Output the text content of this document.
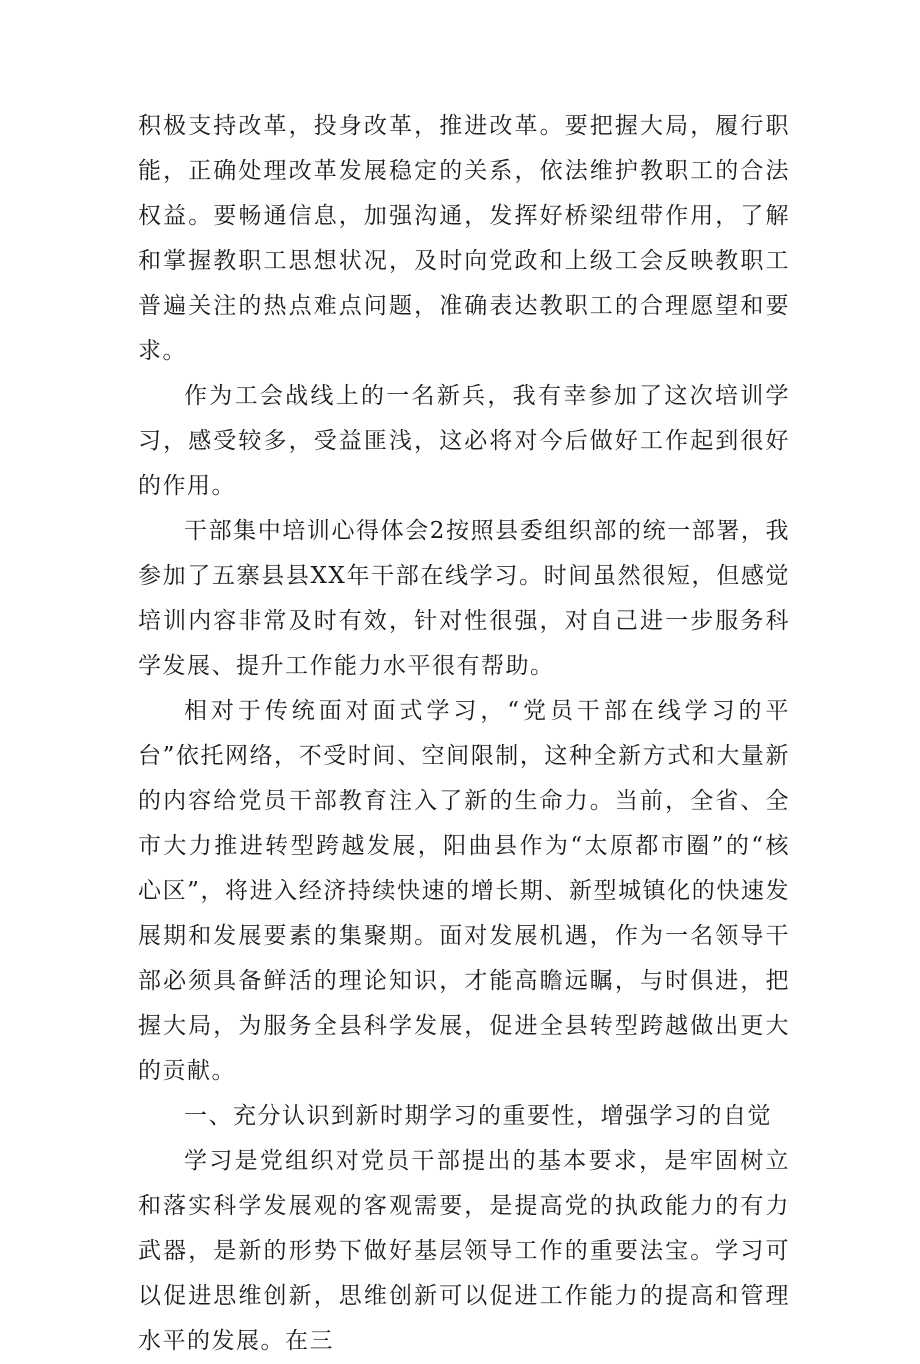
积极支持改革，投身改革，推进改革。要把握大局，履行职能，正确处理改革发展稳定的关系，依法维护教职工的合法权益。要畅通信息，加强沟通，发挥好桥梁纽带作用，了解和掌握教职工思想状况，及时向党政和上级工会反映教职工普遍关注的热点难点问题，准确表达教职工的合理愿望和要求。

作为工会战线上的一名新兵，我有幸参加了这次培训学习，感受较多，受益匪浅，这必将对今后做好工作起到很好的作用。

干部集中培训心得体会2按照县委组织部的统一部署，我参加了五寨县县XX年干部在线学习。时间虽然很短，但感觉培训内容非常及时有效，针对性很强，对自己进一步服务科学发展、提升工作能力水平很有帮助。

相对于传统面对面式学习，“党员干部在线学习的平台”依托网络，不受时间、空间限制，这种全新方式和大量新的内容给党员干部教育注入了新的生命力。当前，全省、全市大力推进转型跨越发展，阳曲县作为“太原都市圈”的“核心区”，将进入经济持续快速的增长期、新型城镇化的快速发展期和发展要素的集聚期。面对发展机遇，作为一名领导干部必须具备鲜活的理论知识，才能高瞻远瞩，与时俱进，把握大局，为服务全县科学发展，促进全县转型跨越做出更大的贡献。

一、充分认识到新时期学习的重要性，增强学习的自觉

学习是党组织对党员干部提出的基本要求，是牢固树立和落实科学发展观的客观需要，是提高党的执政能力的有力武器，是新的形势下做好基层领导工作的重要法宝。学习可以促进思维创新，思维创新可以促进工作能力的提高和管理水平的发展。在三
